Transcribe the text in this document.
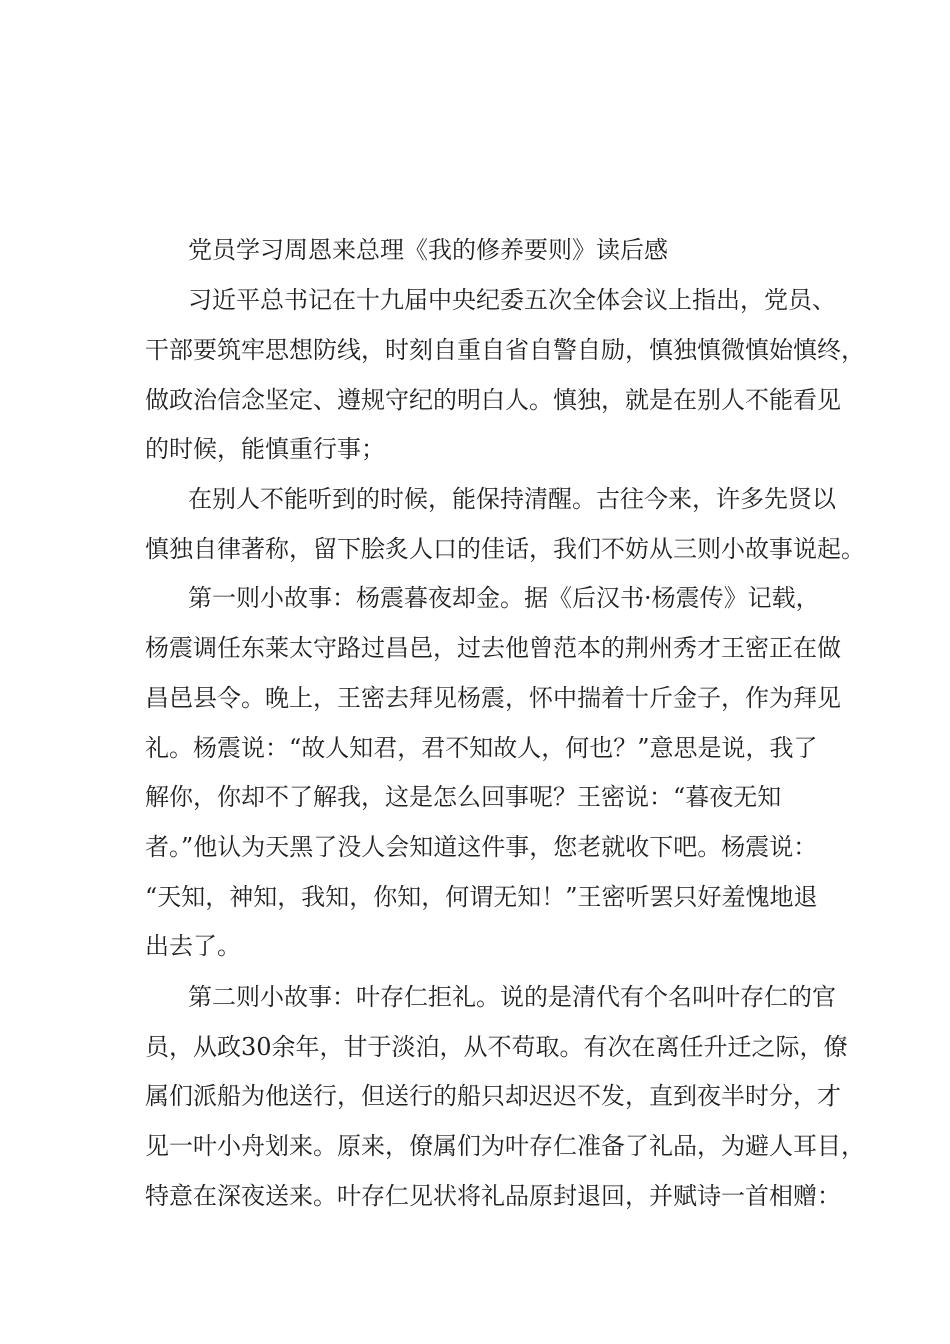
党员学习周恩来总理《我的修养要则》读后感

习近平总书记在十九届中央纪委五次全体会议上指出，党员、

干部要筑牢思想防线，时刻自重自省自警自励，慎独慎微慎始慎终，

做政治信念坚定、遵规守纪的明白人。慎独，就是在别人不能看见

的时候，能慎重行事；

在别人不能听到的时候，能保持清醒。古往今来，许多先贤以

慎独自律著称，留下脍炙人口的佳话，我们不妨从三则小故事说起。

第一则小故事：杨震暮夜却金。据《后汉书·杨震传》记载，

杨震调任东莱太守路过昌邑，过去他曾范本的荆州秀才王密正在做

昌邑县令。晚上，王密去拜见杨震，怀中揣着十斤金子，作为拜见

礼。杨震说：“故人知君，君不知故人，何也？”意思是说，我了

解你，你却不了解我，这是怎么回事呢？王密说：“暮夜无知

者。”他认为天黑了没人会知道这件事，您老就收下吧。杨震说：

“天知，神知，我知，你知，何谓无知！”王密听罢只好羞愧地退

出去了。

第二则小故事：叶存仁拒礼。说的是清代有个名叫叶存仁的官

员，从政30余年，甘于淡泊，从不苟取。有次在离任升迁之际，僚

属们派船为他送行，但送行的船只却迟迟不发，直到夜半时分，才

见一叶小舟划来。原来，僚属们为叶存仁准备了礼品，为避人耳目，

特意在深夜送来。叶存仁见状将礼品原封退回，并赋诗一首相赠：
